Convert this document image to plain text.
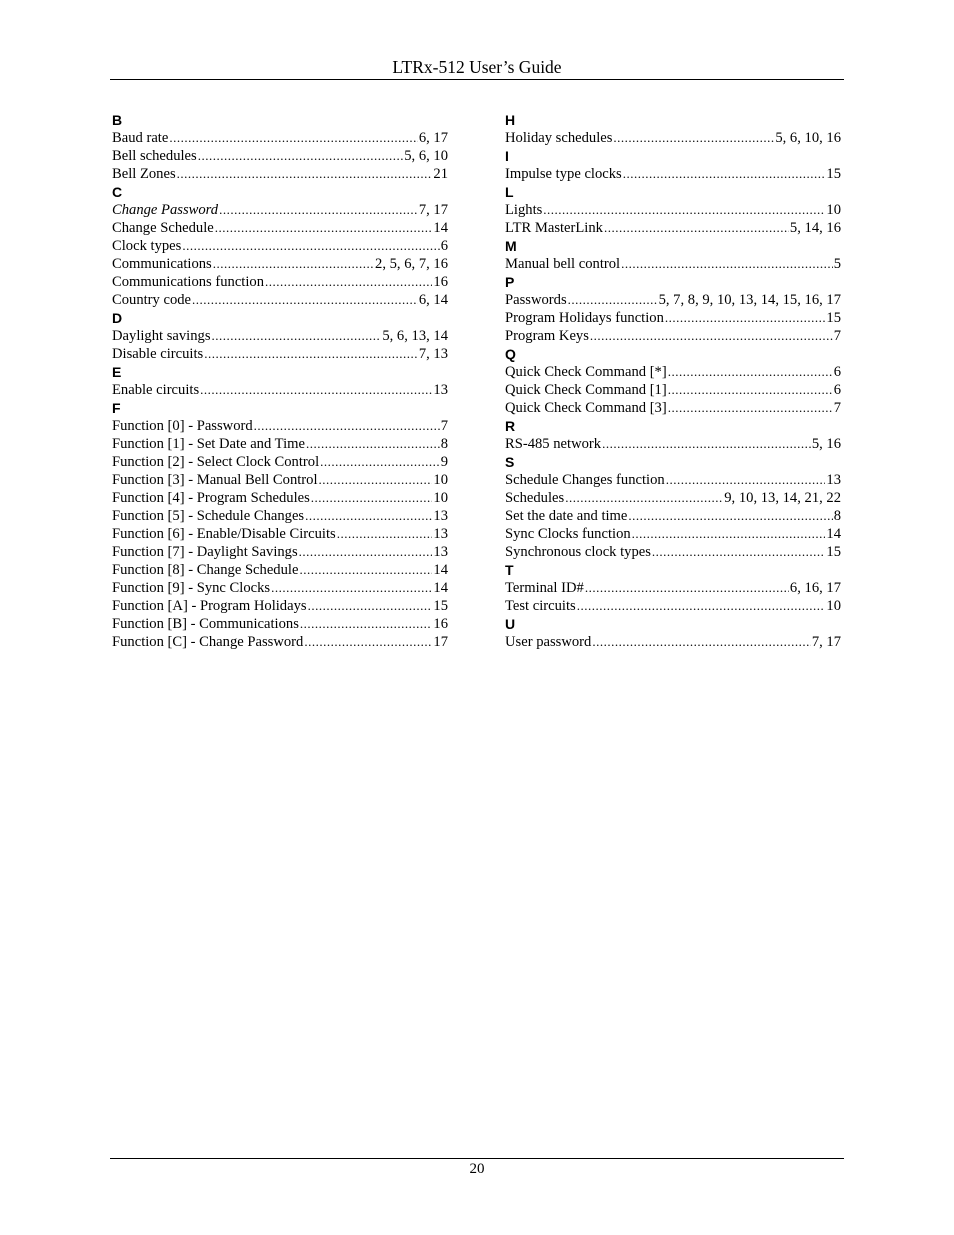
LTRx-512 User’s Guide
B
Baud rate .....	6, 17
Bell schedules .....	5, 6, 10
Bell Zones .....	21
C
Change Password .....	7, 17
Change Schedule .....	14
Clock types .....	6
Communications .....	2, 5, 6, 7, 16
Communications function .....	16
Country code .....	6, 14
D
Daylight savings .....	5, 6, 13, 14
Disable circuits .....	7, 13
E
Enable circuits .....	13
F
Function [0] - Password .....	7
Function [1] - Set Date and Time .....	8
Function [2] - Select Clock Control .....	9
Function [3] - Manual Bell Control .....	10
Function [4] - Program Schedules .....	10
Function [5] - Schedule Changes .....	13
Function [6] - Enable/Disable Circuits .....	13
Function [7] - Daylight Savings .....	13
Function [8] - Change Schedule .....	14
Function [9] - Sync Clocks .....	14
Function [A] - Program Holidays .....	15
Function [B] - Communications .....	16
Function [C] - Change Password .....	17
H
Holiday schedules .....	5, 6, 10, 16
I
Impulse type clocks .....	15
L
Lights .....	10
LTR MasterLink .....	5, 14, 16
M
Manual bell control .....	5
P
Passwords .....	5, 7, 8, 9, 10, 13, 14, 15, 16, 17
Program Holidays function .....	15
Program Keys .....	7
Q
Quick Check Command [*] .....	6
Quick Check Command [1] .....	6
Quick Check Command [3] .....	7
R
RS-485 network .....	5, 16
S
Schedule Changes function .....	13
Schedules .....	9, 10, 13, 14, 21, 22
Set the date and time .....	8
Sync Clocks function .....	14
Synchronous clock types .....	15
T
Terminal ID# .....	6, 16, 17
Test circuits .....	10
U
User password .....	7, 17
20
